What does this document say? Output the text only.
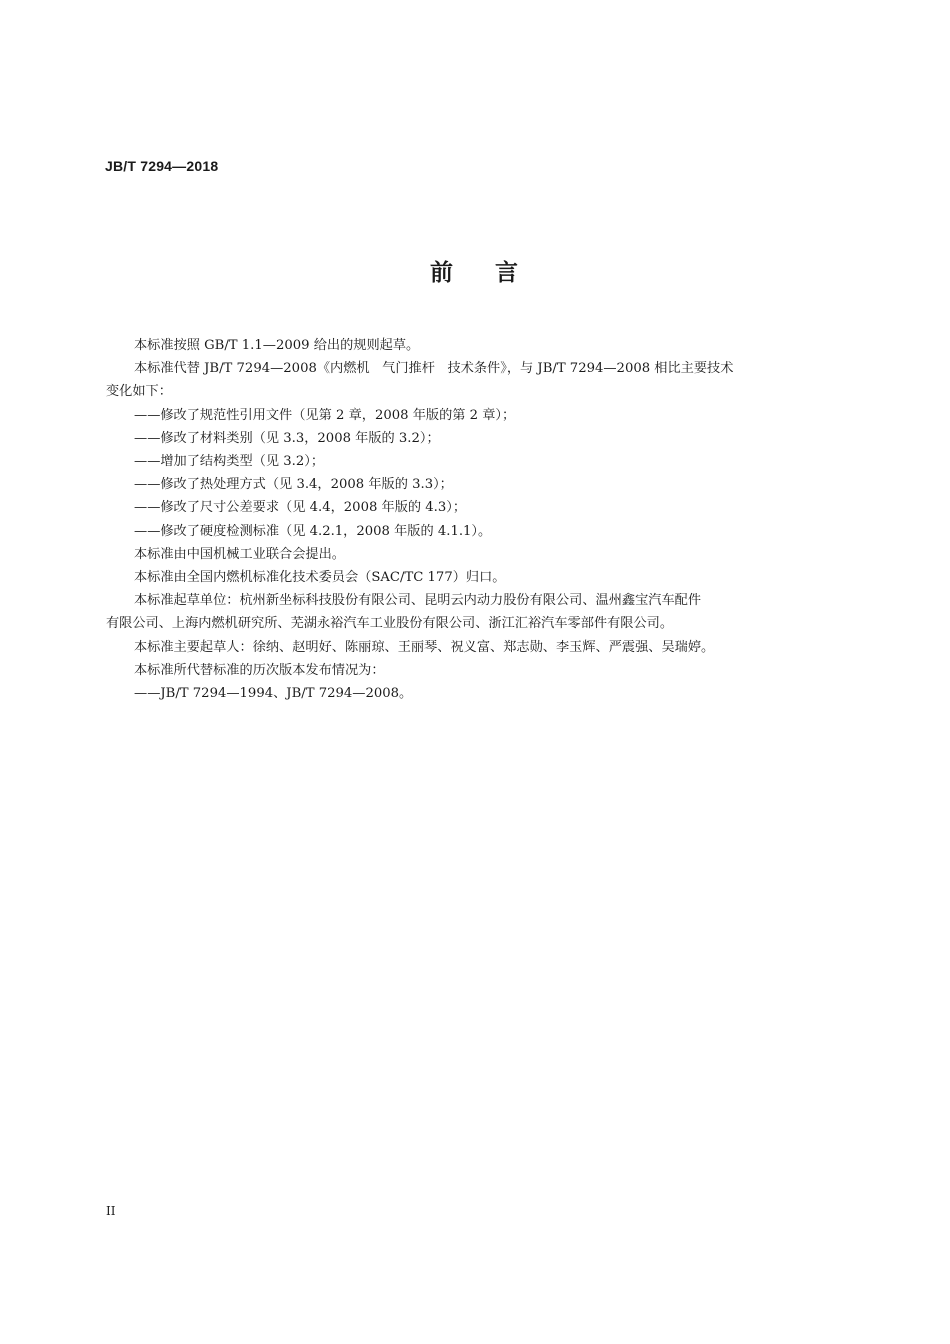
JB/T 7294—2018
前    言

本标准按照 GB/T 1.1—2009 给出的规则起草。

本标准代替 JB/T 7294—2008《内燃机   气门推杆   技术条件》，与 JB/T 7294—2008 相比主要技术

变化如下：

——修改了规范性引用文件（见第 2 章，2008 年版的第 2 章）；

——修改了材料类别（见 3.3，2008 年版的 3.2）；

——增加了结构类型（见 3.2）；

——修改了热处理方式（见 3.4，2008 年版的 3.3）；

——修改了尺寸公差要求（见 4.4，2008 年版的 4.3）；

——修改了硬度检测标准（见 4.2.1，2008 年版的 4.1.1）。

本标准由中国机械工业联合会提出。

本标准由全国内燃机标准化技术委员会（SAC/TC 177）归口。

本标准起草单位：杭州新坐标科技股份有限公司、昆明云内动力股份有限公司、温州鑫宝汽车配件

有限公司、上海内燃机研究所、芜湖永裕汽车工业股份有限公司、浙江汇裕汽车零部件有限公司。

本标准主要起草人：徐纳、赵明好、陈丽琼、王丽琴、祝义富、郑志勋、李玉辉、严震强、吴瑞婷。

本标准所代替标准的历次版本发布情况为：

——JB/T 7294—1994、JB/T 7294—2008。

II
